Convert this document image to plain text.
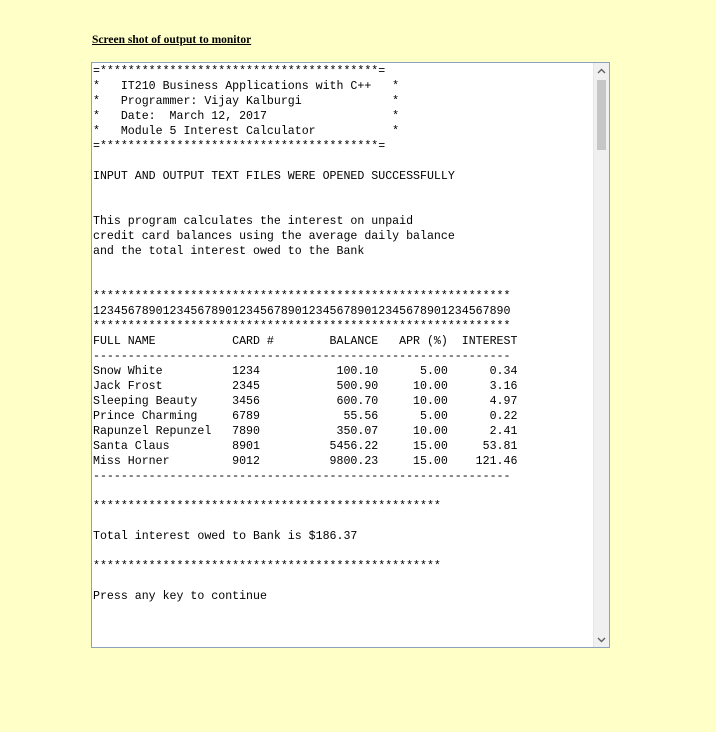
Screen shot of output to monitor
=****************************************=
*   IT210 Business Applications with C++   *
*   Programmer: Vijay Kalburgi             *
*   Date:  March 12, 2017                  *
*   Module 5 Interest Calculator           *
=****************************************=

INPUT AND OUTPUT TEXT FILES WERE OPENED SUCCESSFULLY

This program calculates the interest on unpaid
credit card balances using the average daily balance
and the total interest owed to the Bank

************************************************************
123456789012345678901234567890123456789012345678901234567890
************************************************************
FULL NAME           CARD #        BALANCE   APR (%)  INTEREST
------------------------------------------------------------
Snow White          1234           100.10      5.00      0.34
Jack Frost          2345           500.90     10.00      3.16
Sleeping Beauty     3456           600.70     10.00      4.97
Prince Charming     6789            55.56      5.00      0.22
Rapunzel Repunzel   7890           350.07     10.00      2.41
Santa Claus         8901          5456.22     15.00     53.81
Miss Horner         9012          9800.23     15.00    121.46
------------------------------------------------------------

**************************************************

Total interest owed to Bank is $186.37

**************************************************

Press any key to continue
